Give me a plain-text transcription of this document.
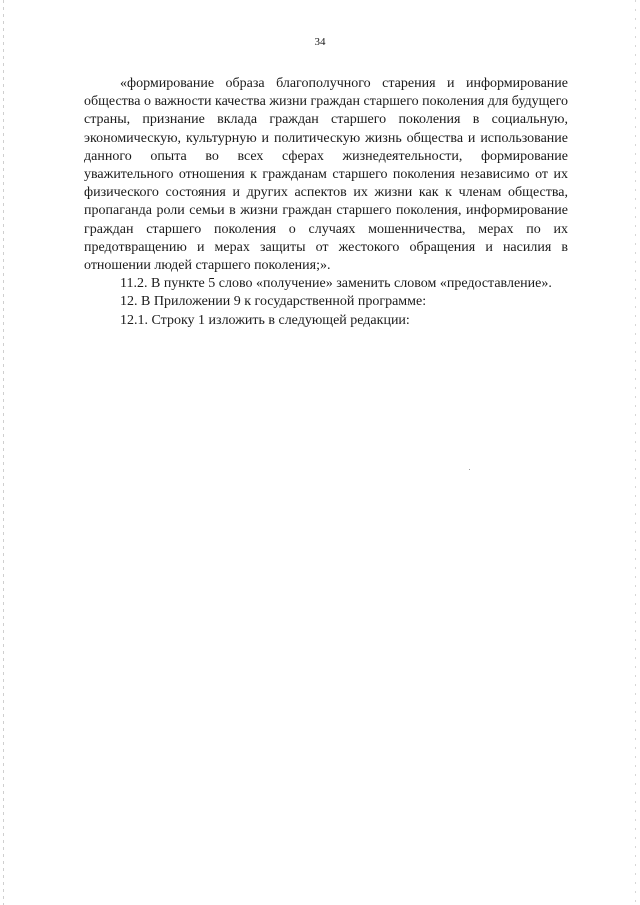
34

«формирование образа благополучного старения и информирование общества о важности качества жизни граждан старшего поколения для будущего страны, признание вклада граждан старшего поколения в социальную, экономическую, культурную и политическую жизнь общества и использование данного опыта во всех сферах жизнедеятельности, формирование уважительного отношения к гражданам старшего поколения независимо от их физического состояния и других аспектов их жизни как к членам общества, пропаганда роли семьи в жизни граждан старшего поколения, информирование граждан старшего поколения о случаях мошенничества, мерах по их предотвращению и мерах защиты от жестокого обращения и насилия в отношении людей старшего поколения;».

11.2. В пункте 5 слово «получение» заменить словом «предоставление».

12. В Приложении 9 к государственной программе:

12.1. Строку 1 изложить в следующей редакции:
